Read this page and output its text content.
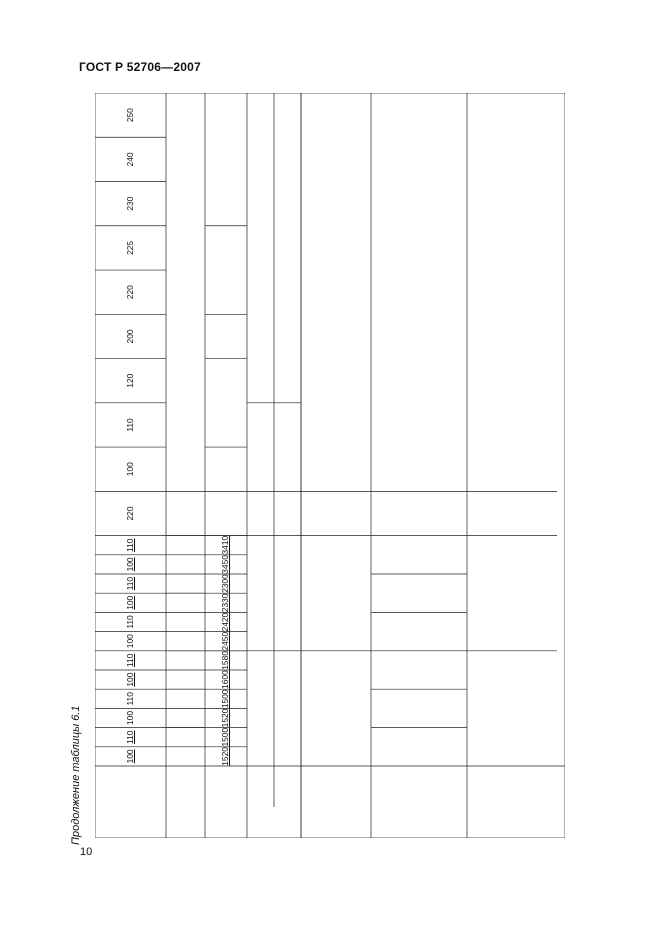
ГОСТ Р 52706—2007
10
Продолжение таблицы 6.1	100
110
100
110
100
110
100
110
100
110
100
110
220
100
110
120
200
220
225
230
240
250
1520
1500
1520
1500
1600
1580
2450
2420
2330
2300
3450
3410
